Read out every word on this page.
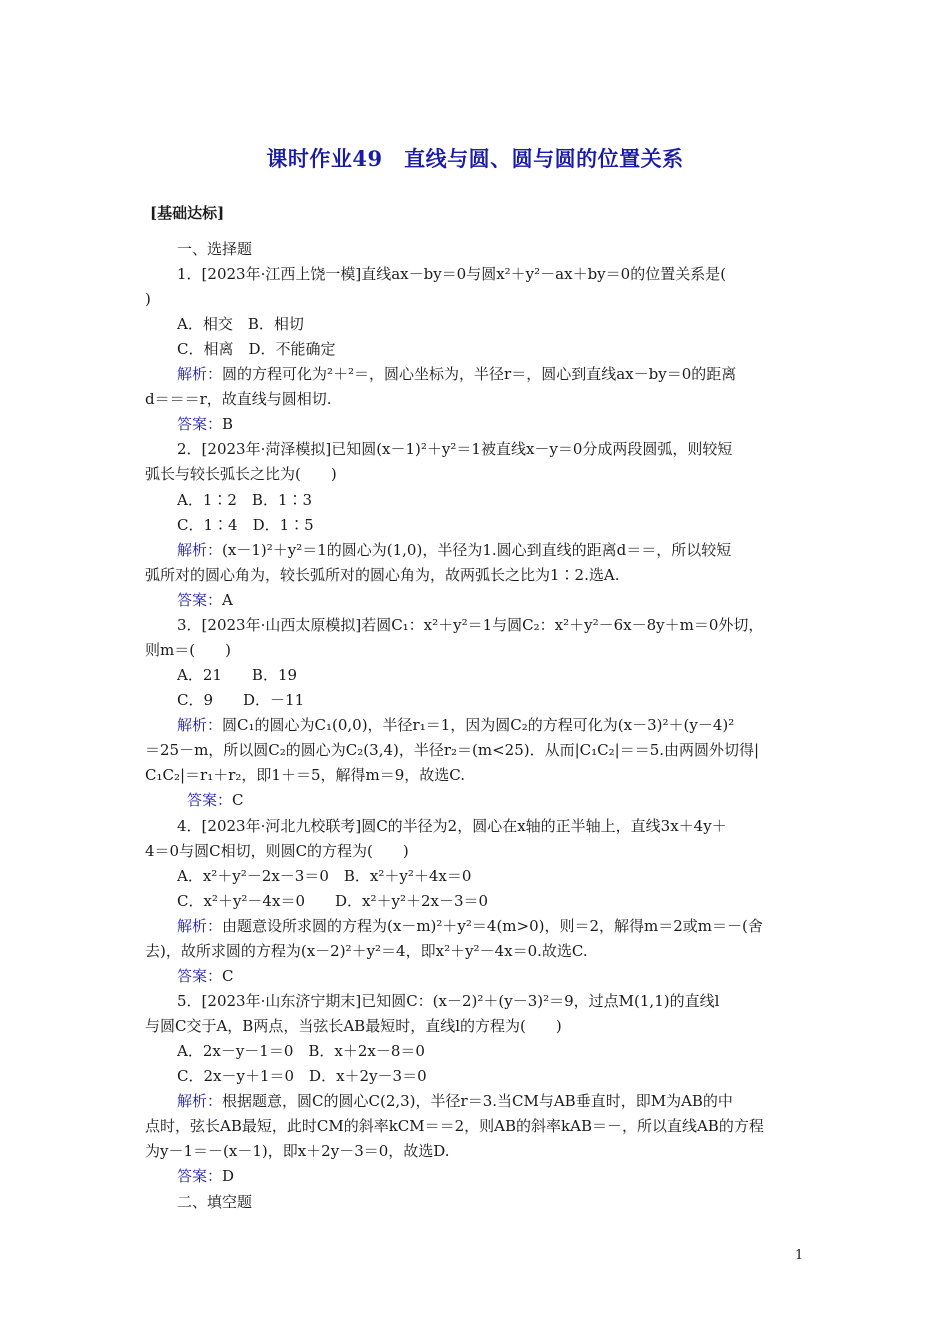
课时作业49　直线与圆、圆与圆的位置关系
[基础达标]
一、选择题
1．[2023年·江西上饶一模]直线ax－by＝0与圆x²＋y²－ax＋by＝0的位置关系是(
)
A．相交　B．相切
C．相离　D．不能确定
解析：圆的方程可化为²＋²＝，圆心坐标为，半径r＝，圆心到直线ax－by＝0的距离
d＝＝＝r，故直线与圆相切.
答案：B
2．[2023年·菏泽模拟]已知圆(x－1)²＋y²＝1被直线x－y＝0分成两段圆弧，则较短
弧长与较长弧长之比为(　　)
A．1∶2　B．1∶3
C．1∶4　D．1∶5
解析：(x－1)²＋y²＝1的圆心为(1,0)，半径为1.圆心到直线的距离d＝＝，所以较短
弧所对的圆心角为，较长弧所对的圆心角为，故两弧长之比为1∶2.选A.
答案：A
3．[2023年·山西太原模拟]若圆C₁：x²＋y²＝1与圆C₂：x²＋y²－6x－8y＋m＝0外切，
则m＝(　　)
A．21　　B．19
C．9　　D．－11
解析：圆C₁的圆心为C₁(0,0)，半径r₁＝1，因为圆C₂的方程可化为(x－3)²＋(y－4)²
＝25－m，所以圆C₂的圆心为C₂(3,4)，半径r₂＝(m<25)．从而|C₁C₂|＝＝5.由两圆外切得|
C₁C₂|＝r₁＋r₂，即1＋＝5，解得m＝9，故选C.
答案：C
4．[2023年·河北九校联考]圆C的半径为2，圆心在x轴的正半轴上，直线3x＋4y＋
4＝0与圆C相切，则圆C的方程为(　　)
A．x²＋y²－2x－3＝0　B．x²＋y²＋4x＝0
C．x²＋y²－4x＝0　　D．x²＋y²＋2x－3＝0
解析：由题意设所求圆的方程为(x－m)²＋y²＝4(m>0)，则＝2，解得m＝2或m＝－(舍
去)，故所求圆的方程为(x－2)²＋y²＝4，即x²＋y²－4x＝0.故选C.
答案：C
5．[2023年·山东济宁期末]已知圆C：(x－2)²＋(y－3)²＝9，过点M(1,1)的直线l
与圆C交于A，B两点，当弦长AB最短时，直线l的方程为(　　)
A．2x－y－1＝0　B．x＋2x－8＝0
C．2x－y＋1＝0　D．x＋2y－3＝0
解析：根据题意，圆C的圆心C(2,3)，半径r＝3.当CM与AB垂直时，即M为AB的中
点时，弦长AB最短，此时CM的斜率kCM＝＝2，则AB的斜率kAB＝－，所以直线AB的方程
为y－1＝－(x－1)，即x＋2y－3＝0，故选D.
答案：D
二、填空题
1
